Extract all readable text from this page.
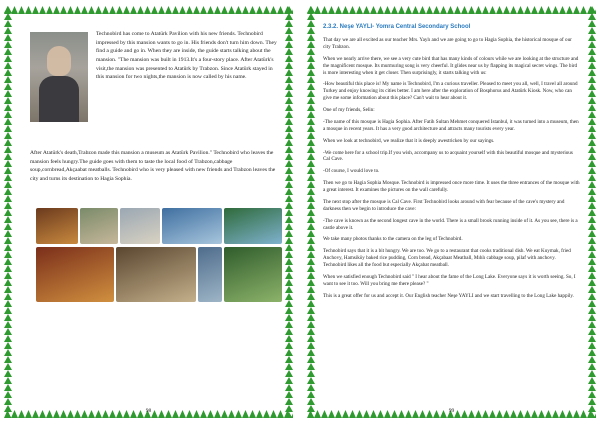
Technobird has come to Atatürk Pavilion with his new friends. Technobird impressed by this mansion wants to go in. His friends don't turn him down. They find a guide and go in. When they are inside, the guide starts talking about the mansion. "The mansion was built in 1913.It's a four-story place. After Atatürk's visit,the mansion was presented to Atatürk by Trabzon. Since Atatürk stayed in this mansion for two nights,the mansion is now called by his name.

After Atatürk's death,Trabzon made this mansion a museum as Atatürk Pavilion." Technobird who leaves the mansion feels hungry.The guide goes with them to taste the local food of Trabzon,cabbage soup,cornbread,Akçaabat meatballs. Technobird who is very pleased with new friends and Trabzon leaves the city and turns its destination to Hagia Sophia.

98
2.3.2. Neşe YAYLI- Yomra Central Secondary School

That day we are all excited as our teacher Mrs. Yaylı and we are going to go to Hagia Sophia, the historical mosque of our city Trabzon.

When we nearly arrive there, we see a very cute bird that has many kinds of colours while we are looking at the structure and the magnificent mosque. Its murmuring song is very cheerful. It glides near us by flapping its magical secret wings. The bird is more interesting when it get closer. Then surprisingly, it starts talking with us:

-How beautiful this place is! My name is Technobird, I'm a curious traveller. Pleased to meet you all, well, I travel all around Turkey and enjoy knowing its cities better. I am here after the exploration of Bosphorus and Atatürk Kiosk. Now, who can give me some information about this place? Can't wait to hear about it.

One of my friends, Selin:

-The name of this mosque is Hagia Sophia. After Fatih Sultan Mehmet conquered Istanbul, it was turned into a museum, then a mosque in recent years. It has a very good architecture and attracts many tourists every year.

When we look at technobird, we realize that it is deeply awestricken by our sayings.

-We come here for a school trip.If you wish, accompany us to acquaint yourself with this beautiful mosque and mysterious Cal Cave.

-Of course, I would love to.

Then we go to Hagia Sophia Mosque. Technobird is impressed once more time. It uses the three entrances of the mosque with a great interest. It examines the pictures on the wall carefully.

The next stop after the mosque is Cal Cave. First Technobird looks around with fear because of the cave's mystery and darkness then we begin to introduce the cave:

-The cave is known as the second longest cave in the world. There is a small brook running inside of it. As you see, there is a castle above it.

We take many photos thanks to the camera on the leg of Technobird.

Technobird says that it is a bit hungry. We are too. We go to a restaurant that cooks traditional dish. We eat Kuymak, fried Anchovy, Hamsiköy baked rice pudding, Corn bread, Akçabaat Meatball, Mıhlı cabbage soup, pilaf with anchovy. Technobird likes all the food but especially Akçabat meatball.

When we satisfied enough Technobird said " I hear about the fame of the Long Lake. Everyone says it is worth seeing. So, I want to see it too. Will you bring me there please? "

This is a great offer for us and accept it. Our English teacher Neşe YAYLI and we start travelling to the Long Lake happily.

99
